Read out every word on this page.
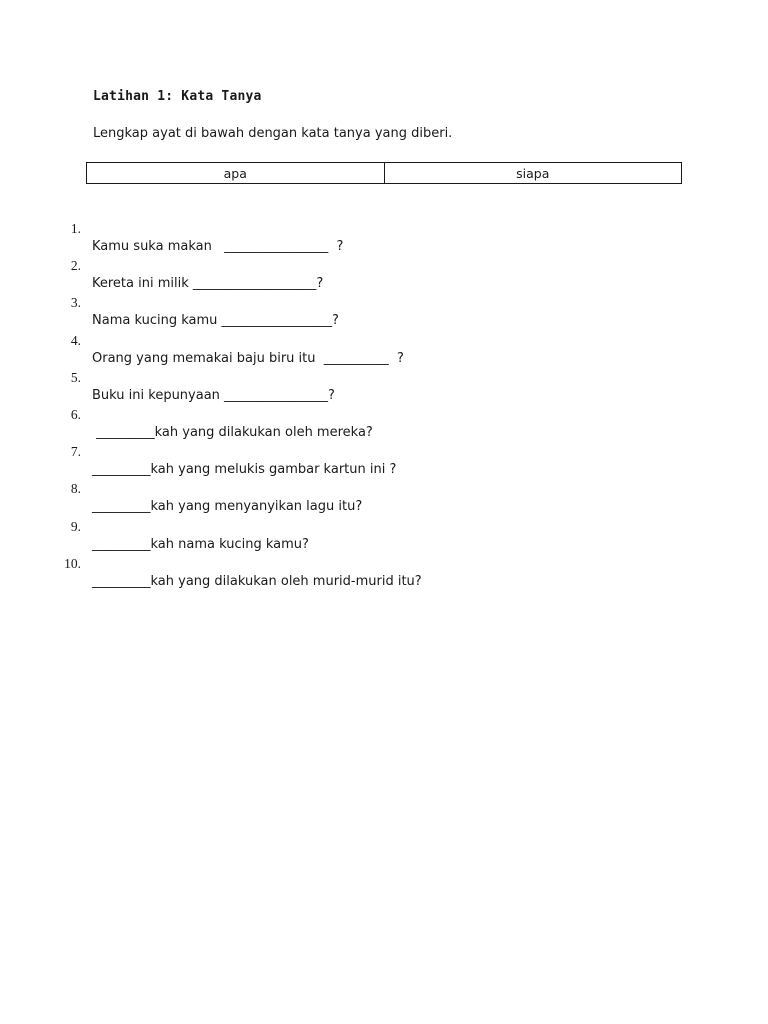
Latihan 1: Kata Tanya
Lengkap ayat di bawah dengan kata tanya yang diberi.
apa	siapa

1.

Kamu suka makan   ________________  ?

2.

Kereta ini milik ___________________?

3.

Nama kucing kamu _________________?

4.

Orang yang memakai baju biru itu  __________  ?

5.

Buku ini kepunyaan ________________?

6.

_________kah yang dilakukan oleh mereka?

7.

_________kah yang melukis gambar kartun ini ?

8.

_________kah yang menyanyikan lagu itu?

9.

_________kah nama kucing kamu?

10.

_________kah yang dilakukan oleh murid-murid itu?
